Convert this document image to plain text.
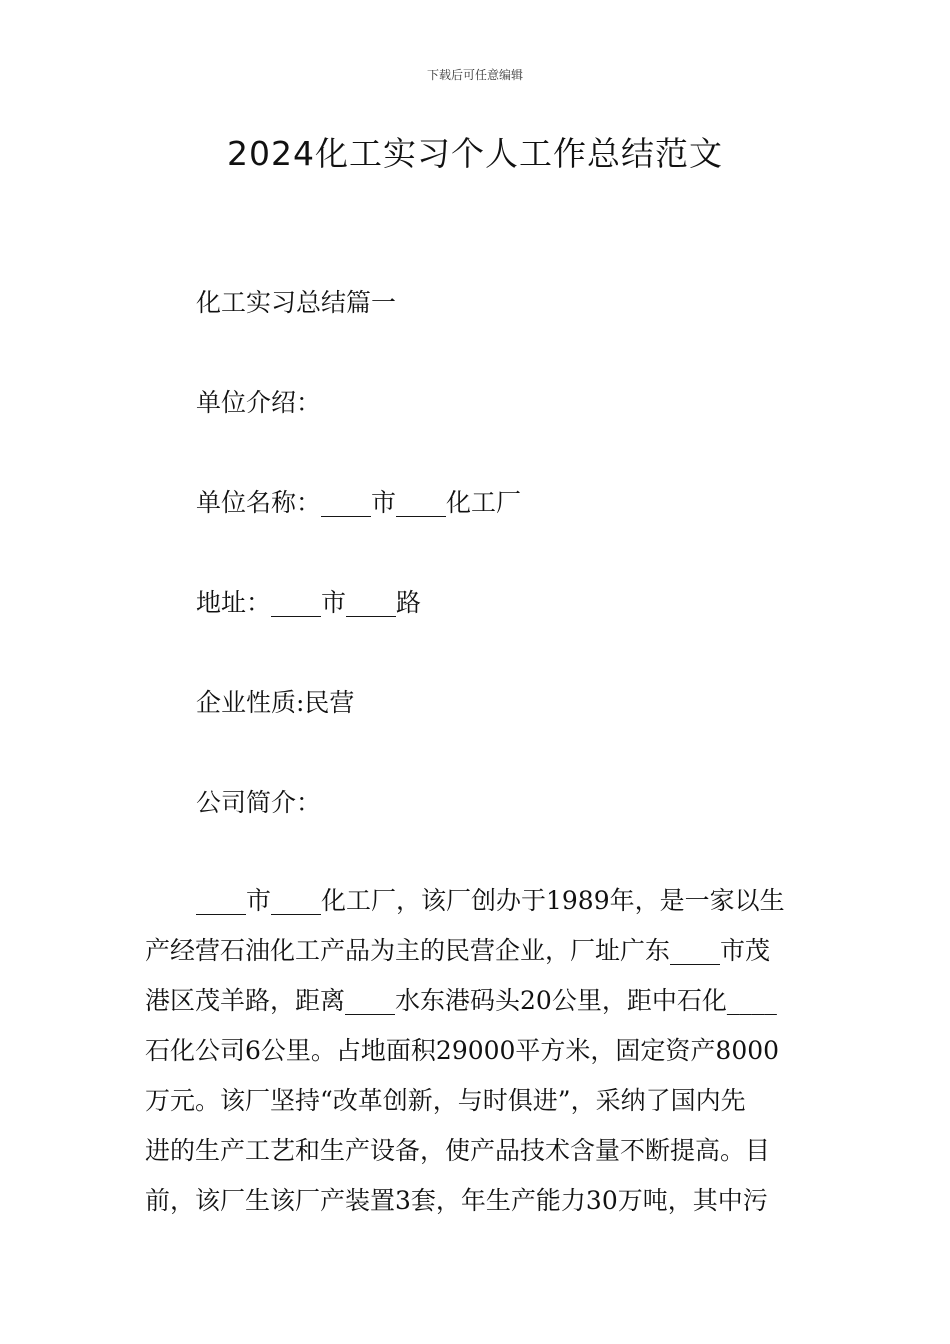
下载后可任意编辑
2024化工实习个人工作总结范文
化工实习总结篇一
单位介绍：
单位名称：____市____化工厂
地址：____市____路
企业性质:民营
公司简介：
____市____化工厂，该厂创办于1989年，是一家以生
产经营石油化工产品为主的民营企业，厂址广东____市茂
港区茂羊路，距离____水东港码头20公里，距中石化____
石化公司6公里。占地面积29000平方米，固定资产8000
万元。该厂坚持“改革创新，与时俱进”，采纳了国内先
进的生产工艺和生产设备，使产品技术含量不断提高。目
前，该厂生该厂产装置3套，年生产能力30万吨，其中污
